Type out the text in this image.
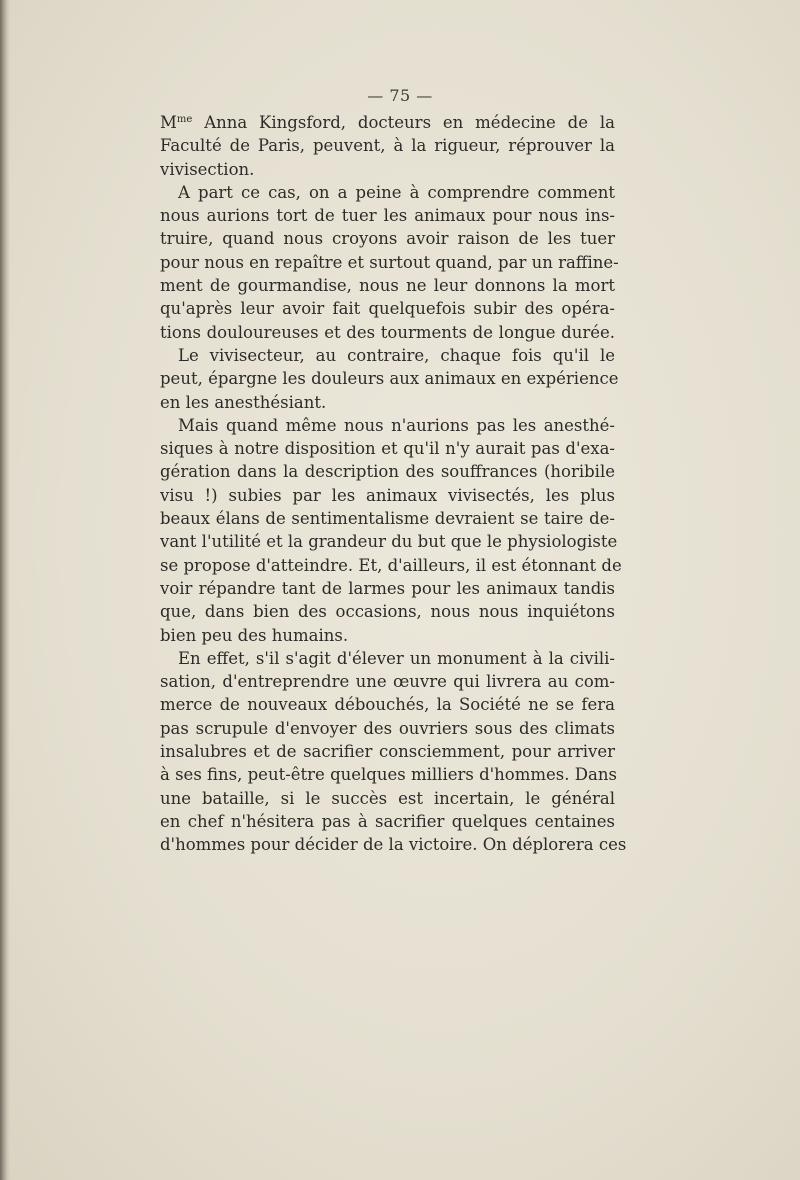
— 75 —
$M^{me}$ Anna Kingsford, docteurs en médecine de la
Faculté de Paris, peuvent, à la rigueur, réprouver la
vivisection.
A part ce cas, on a peine à comprendre comment
nous aurions tort de tuer les animaux pour nous ins-
truire, quand nous croyons avoir raison de les tuer
pour nous en repaître et surtout quand, par un raffine-
ment de gourmandise, nous ne leur donnons la mort
qu'après leur avoir fait quelquefois subir des opéra-
tions douloureuses et des tourments de longue durée.
Le vivisecteur, au contraire, chaque fois qu'il le
peut, épargne les douleurs aux animaux en expérience
en les anesthésiant.
Mais quand même nous n'aurions pas les anesthé-
siques à notre disposition et qu'il n'y aurait pas d'exa-
gération dans la description des souffrances (horibile
visu !) subies par les animaux vivisectés, les plus
beaux élans de sentimentalisme devraient se taire de-
vant l'utilité et la grandeur du but que le physiologiste
se propose d'atteindre. Et, d'ailleurs, il est étonnant de
voir répandre tant de larmes pour les animaux tandis
que, dans bien des occasions, nous nous inquiétons
bien peu des humains.
En effet, s'il s'agit d'élever un monument à la civili-
sation, d'entreprendre une œuvre qui livrera au com-
merce de nouveaux débouchés, la Société ne se fera
pas scrupule d'envoyer des ouvriers sous des climats
insalubres et de sacrifier consciemment, pour arriver
à ses fins, peut-être quelques milliers d'hommes. Dans
une bataille, si le succès est incertain, le général
en chef n'hésitera pas à sacrifier quelques centaines
d'hommes pour décider de la victoire. On déplorera ces
